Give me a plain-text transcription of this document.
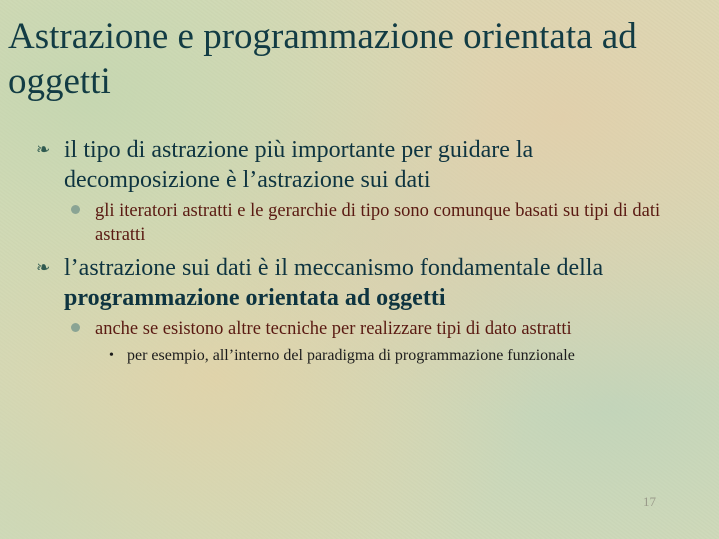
Astrazione e programmazione orientata ad oggetti
❧ il tipo di astrazione più importante per guidare la decomposizione è l’astrazione sui dati
gli iteratori astratti e le gerarchie di tipo sono comunque basati su tipi di dati astratti
❧ l’astrazione sui dati è il meccanismo fondamentale della programmazione orientata ad oggetti
anche se esistono altre tecniche per realizzare tipi di dato astratti
• per esempio, all’interno del paradigma di programmazione funzionale
17
